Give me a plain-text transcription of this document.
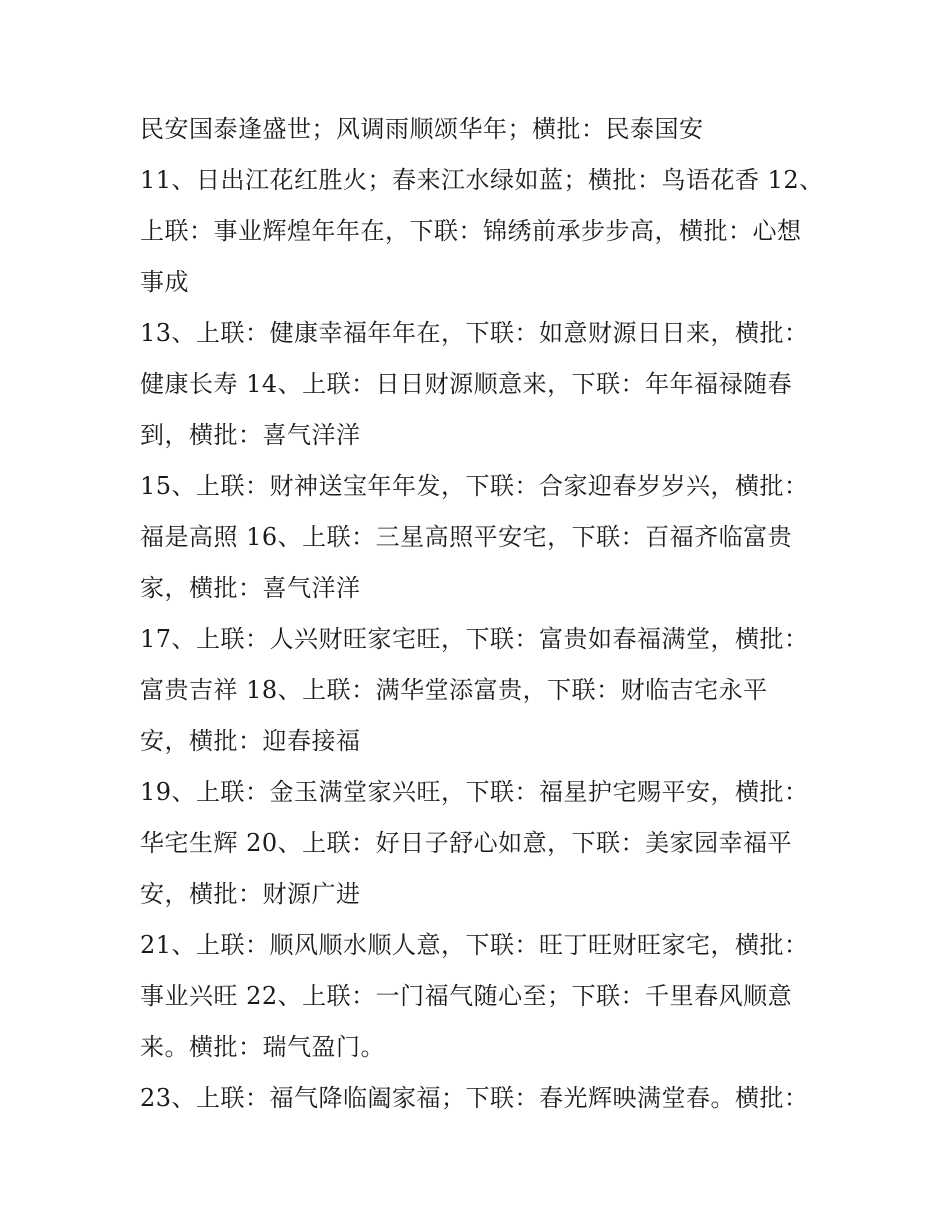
民安国泰逢盛世；风调雨顺颂华年；横批：民泰国安
11、日出江花红胜火；春来江水绿如蓝；横批：鸟语花香 12、
上联：事业辉煌年年在，下联：锦绣前承步步高，横批：心想
事成
13、上联：健康幸福年年在，下联：如意财源日日来，横批：
健康长寿 14、上联：日日财源顺意来，下联：年年福禄随春
到，横批：喜气洋洋
15、上联：财神送宝年年发，下联：合家迎春岁岁兴，横批：
福是高照 16、上联：三星高照平安宅，下联：百福齐临富贵
家，横批：喜气洋洋
17、上联：人兴财旺家宅旺，下联：富贵如春福满堂，横批：
富贵吉祥 18、上联：满华堂添富贵，下联：财临吉宅永平
安，横批：迎春接福
19、上联：金玉满堂家兴旺，下联：福星护宅赐平安，横批：
华宅生辉 20、上联：好日子舒心如意，下联：美家园幸福平
安，横批：财源广进
21、上联：顺风顺水顺人意，下联：旺丁旺财旺家宅，横批：
事业兴旺 22、上联：一门福气随心至；下联：千里春风顺意
来。横批：瑞气盈门。
23、上联：福气降临阖家福；下联：春光辉映满堂春。横批：
